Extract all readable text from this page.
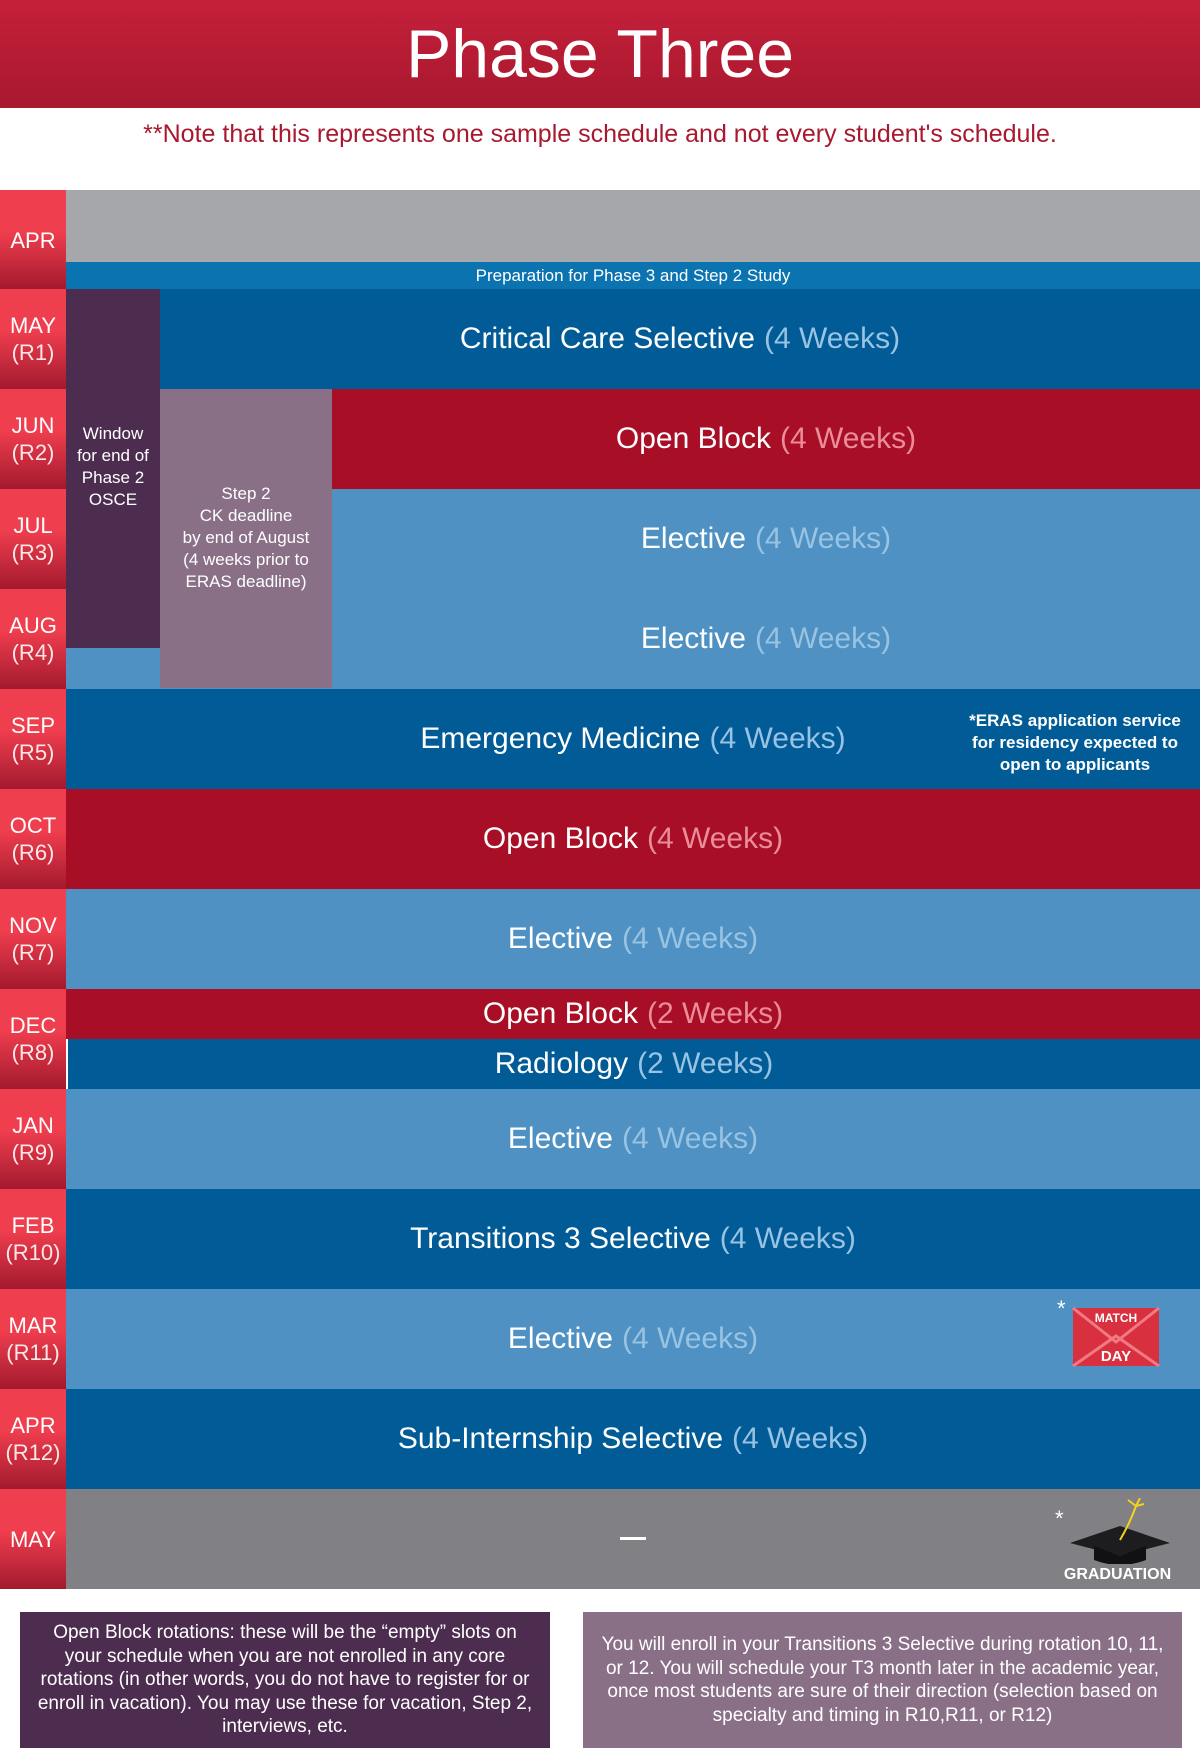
Phase Three
**Note that this represents one sample schedule and not every student's schedule.
APR
MAY
(R1)
JUN
(R2)
JUL
(R3)
AUG
(R4)
SEP
(R5)
OCT
(R6)
NOV
(R7)
DEC
(R8)
JAN
(R9)
FEB
(R10)
MAR
(R11)
APR
(R12)
MAY
Preparation for Phase 3 and Step 2 Study
Critical Care Selective (4 Weeks)
Open Block (4 Weeks)
Elective (4 Weeks)
Elective (4 Weeks)
Emergency Medicine (4 Weeks)
Open Block (4 Weeks)
Elective (4 Weeks)
Open Block (2 Weeks)
Radiology (2 Weeks)
Elective (4 Weeks)
Transitions 3 Selective (4 Weeks)
Elective (4 Weeks)
Sub-Internship Selective (4 Weeks)
Window
for end of
Phase 2
OSCE	Step 2
CK deadline
by end of August
(4 weeks prior to
ERAS deadline)
*ERAS application service
for residency expected to
open to applicants
* MATCH
DAY
*
GRADUATION
Open Block rotations: these will be the “empty” slots on your schedule when you are not enrolled in any core rotations (in other words, you do not have to register for or enroll in vacation). You may use these for vacation, Step 2, interviews, etc.
You will enroll in your Transitions 3 Selective during rotation 10, 11, or 12. You will schedule your T3 month later in the academic year, once most students are sure of their direction (selection based on specialty and timing in R10,R11, or R12)
